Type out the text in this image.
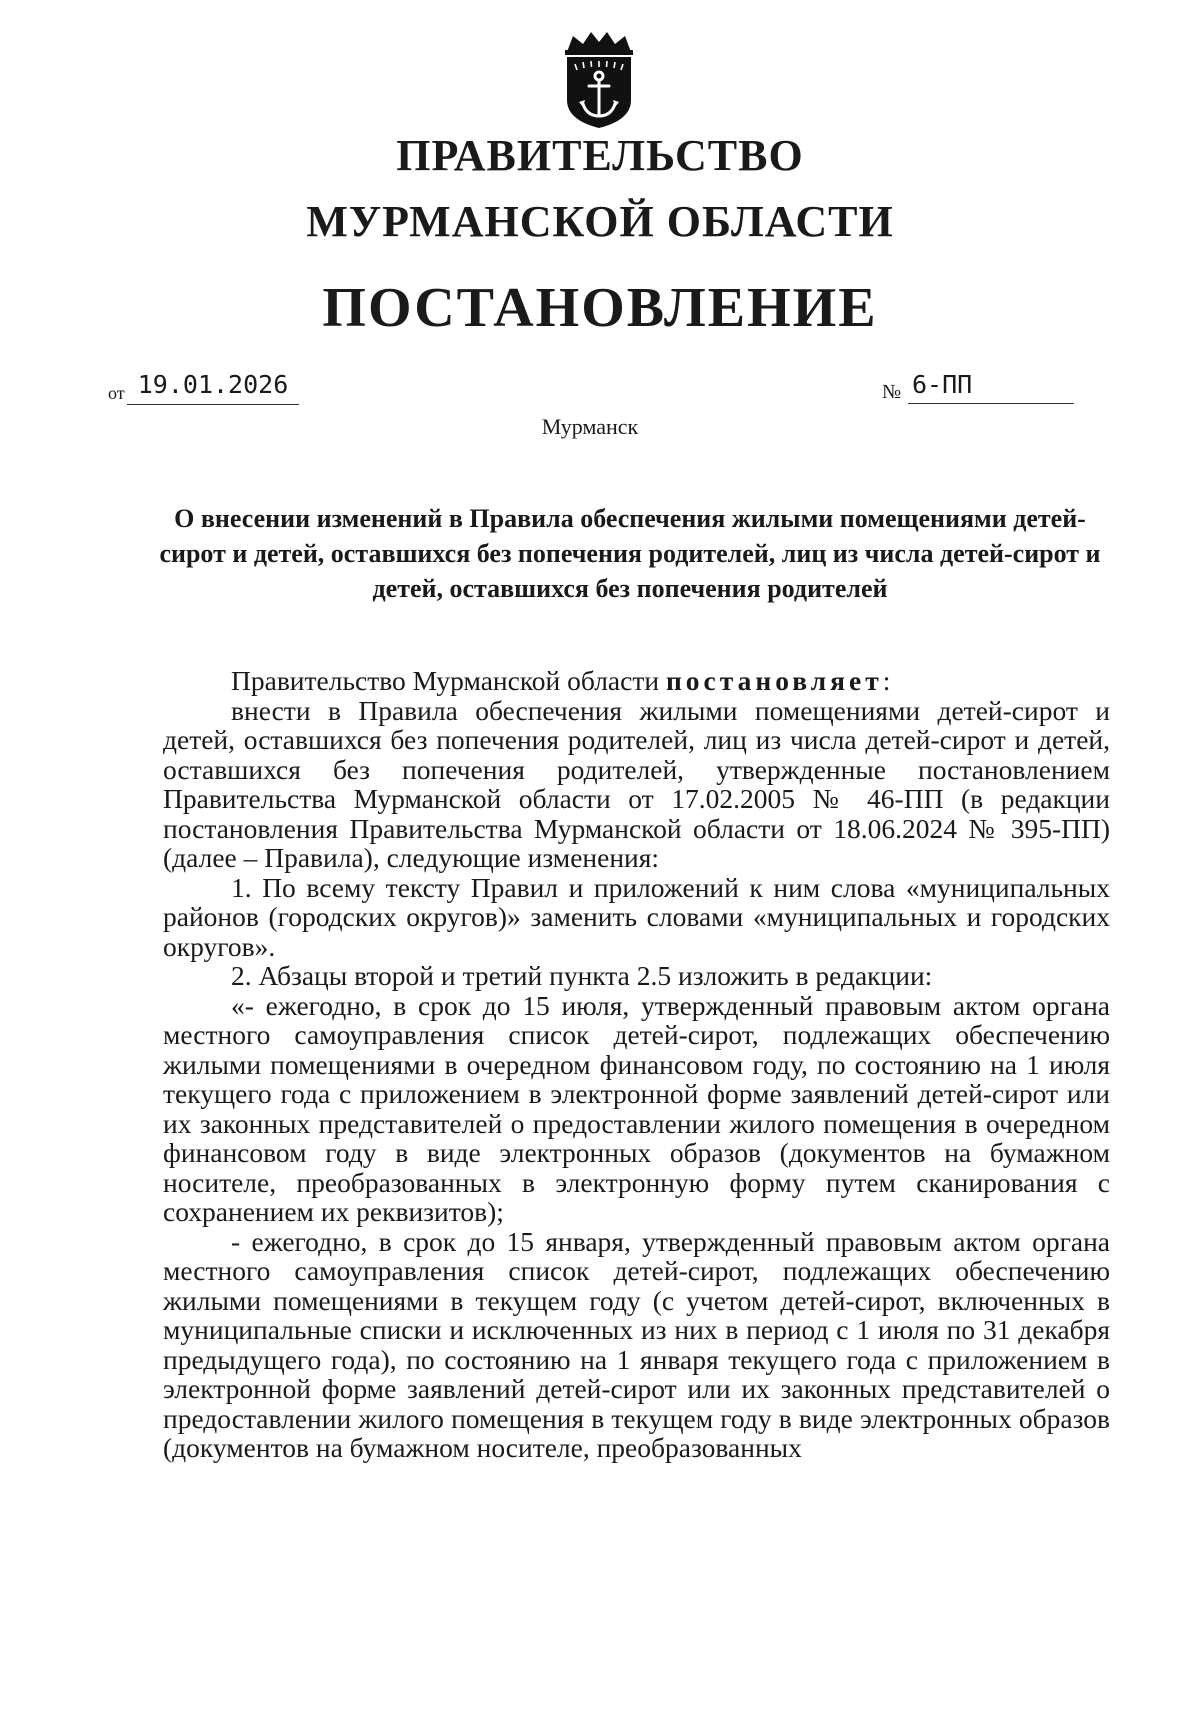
ПРАВИТЕЛЬСТВО
МУРМАНСКОЙ ОБЛАСТИ
ПОСТАНОВЛЕНИЕ
от 19.01.2026	№ 6-ПП
Мурманск
О внесении изменений в Правила обеспечения жилыми помещениями детей-сирот и детей, оставшихся без попечения родителей, лиц из числа детей-сирот и детей, оставшихся без попечения родителей

Правительство Мурманской области постановляет:

внести в Правила обеспечения жилыми помещениями детей-сирот и детей, оставшихся без попечения родителей, лиц из числа детей-сирот и детей, оставшихся без попечения родителей, утвержденные постановлением Правительства Мурманской области от 17.02.2005 № 46-ПП (в редакции постановления Правительства Мурманской области от 18.06.2024 № 395-ПП) (далее – Правила), следующие изменения:

1. По всему тексту Правил и приложений к ним слова «муниципальных районов (городских округов)» заменить словами «муниципальных и городских округов».

2. Абзацы второй и третий пункта 2.5 изложить в редакции:

«- ежегодно, в срок до 15 июля, утвержденный правовым актом органа местного самоуправления список детей-сирот, подлежащих обеспечению жилыми помещениями в очередном финансовом году, по состоянию на 1 июля текущего года с приложением в электронной форме заявлений детей-сирот или их законных представителей о предоставлении жилого помещения в очередном финансовом году в виде электронных образов (документов на бумажном носителе, преобразованных в электронную форму путем сканирования с сохранением их реквизитов);

- ежегодно, в срок до 15 января, утвержденный правовым актом органа местного самоуправления список детей-сирот, подлежащих обеспечению жилыми помещениями в текущем году (с учетом детей-сирот, включенных в муниципальные списки и исключенных из них в период с 1 июля по 31 декабря предыдущего года), по состоянию на 1 января текущего года с приложением в электронной форме заявлений детей-сирот или их законных представителей о предоставлении жилого помещения в текущем году в виде электронных образов (документов на бумажном носителе, преобразованных
